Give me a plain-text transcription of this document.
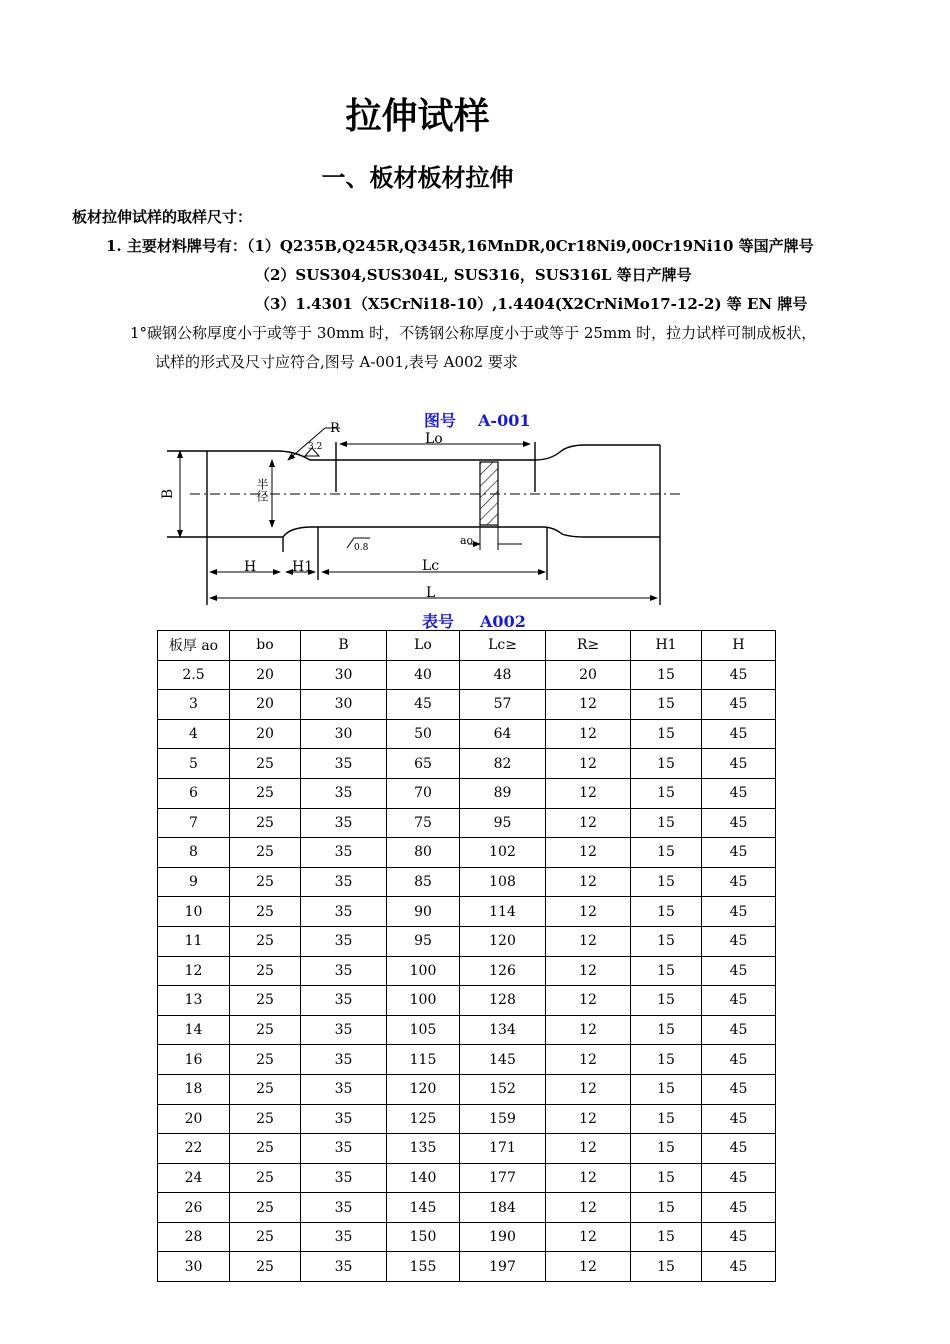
拉伸试样
一、板材板材拉伸
板材拉伸试样的取样尺寸：
1. 主要材料牌号有：（1）Q235B,Q245R,Q345R,16MnDR,0Cr18Ni9,00Cr19Ni10 等国产牌号
（2）SUS304,SUS304L, SUS316，SUS316L 等日产牌号
（3）1.4301（X5CrNi18-10）,1.4404(X2CrNiMo17-12-2) 等 EN 牌号
1°碳钢公称厚度小于或等于 30mm 时，不锈钢公称厚度小于或等于 25mm 时，拉力试样可制成板状，
试样的形式及尺寸应符合,图号 A-001,表号 A002 要求
图号 A-001
R
3.2	Lo
B	半径
0.8
ao
H	H1	Lc
L
表号 A002
板厚 ao	bo	B	Lo	Lc≥	R≥	H1	H
2.5	20	30	40	48	20	15	45
3	20	30	45	57	12	15	45
4	20	30	50	64	12	15	45
5	25	35	65	82	12	15	45
6	25	35	70	89	12	15	45
7	25	35	75	95	12	15	45
8	25	35	80	102	12	15	45
9	25	35	85	108	12	15	45
10	25	35	90	114	12	15	45
11	25	35	95	120	12	15	45
12	25	35	100	126	12	15	45
13	25	35	100	128	12	15	45
14	25	35	105	134	12	15	45
16	25	35	115	145	12	15	45
18	25	35	120	152	12	15	45
20	25	35	125	159	12	15	45
22	25	35	135	171	12	15	45
24	25	35	140	177	12	15	45
26	25	35	145	184	12	15	45
28	25	35	150	190	12	15	45
30	25	35	155	197	12	15	45
